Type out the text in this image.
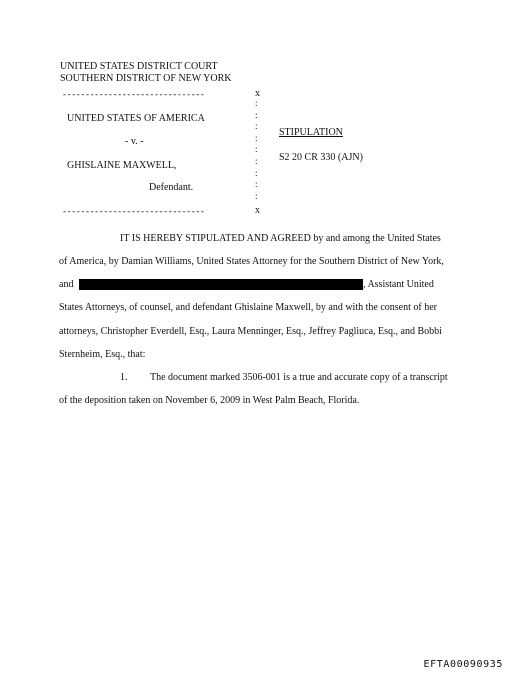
UNITED STATES DISTRICT COURT
SOUTHERN DISTRICT OF NEW YORK
-------------------------------	x
UNITED STATES OF AMERICA
- v. -
GHISLAINE MAXWELL,
Defendant.
:
:
:
:
:
:
:
:
:
STIPULATION
S2 20 CR 330 (AJN)
-------------------------------	x
IT IS HEREBY STIPULATED AND AGREED by and among the United States
of America, by Damian Williams, United States Attorney for the Southern District of New York,
and	, Assistant United
States Attorneys, of counsel, and defendant Ghislaine Maxwell, by and with the consent of her
attorneys, Christopher Everdell, Esq., Laura Menninger, Esq., Jeffrey Pagliuca, Esq., and Bobbi
Sternheim, Esq., that:
1. The document marked 3506-001 is a true and accurate copy of a transcript
of the deposition taken on November 6, 2009 in West Palm Beach, Florida.
EFTA00090935
